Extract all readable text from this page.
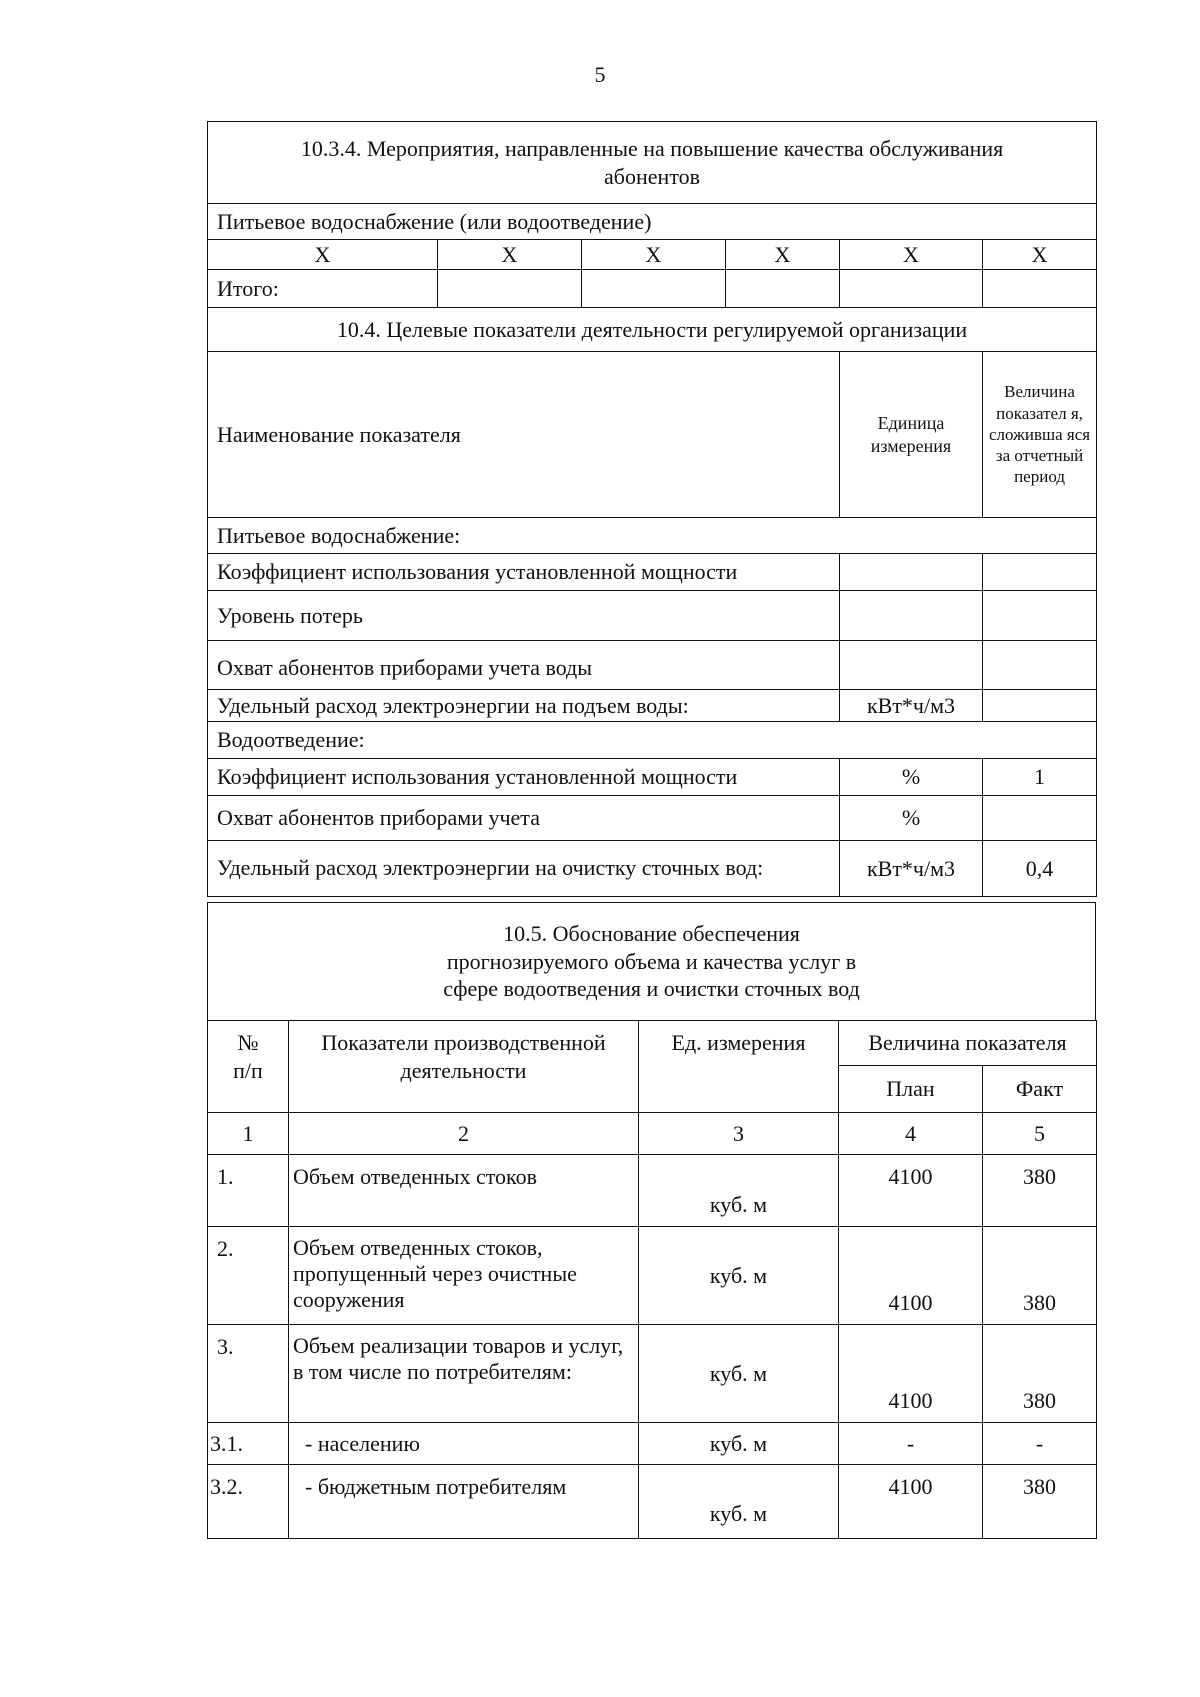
5
10.3.4. Мероприятия, направленные на повышение качества обслуживания абонентов					
Питьевое водоснабжение (или водоотведение)					
X	X	X	X	X	X
Итого:					
10.4. Целевые показатели деятельности регулируемой организации					
Наименование показателя				Единица измерения	Величина показател я, сложивша яся за отчетный период
Питьевое водоснабжение:					
Коэффициент использования установленной мощности					
Уровень потерь					
Охват абонентов приборами учета воды					
Удельный расход электроэнергии на подъем воды:				кВт*ч/м3	
Водоотведение:					
Коэффициент использования установленной мощности				%	1
Охват абонентов приборами учета				%	
Удельный расход электроэнергии на очистку сточных вод:				кВт*ч/м3	0,4
10.5. Обоснование обеспечения прогнозируемого объема и качества услуг в сфере водоотведения и очистки сточных вод
№ п/п	Показатели производственной деятельности	Ед. измерения	Величина показателя	
			План	Факт
1	2	3	4	5
1.	Объем отведенных стоков	куб. м	4100	380
2.	Объем отведенных стоков, пропущенный через очистные сооружения	куб. м	4100	380
3.	Объем реализации товаров и услуг, в том числе по потребителям:	куб. м	4100	380
3.1.	- населению	куб. м	-	-
3.2.	- бюджетным потребителям	куб. м	4100	380
